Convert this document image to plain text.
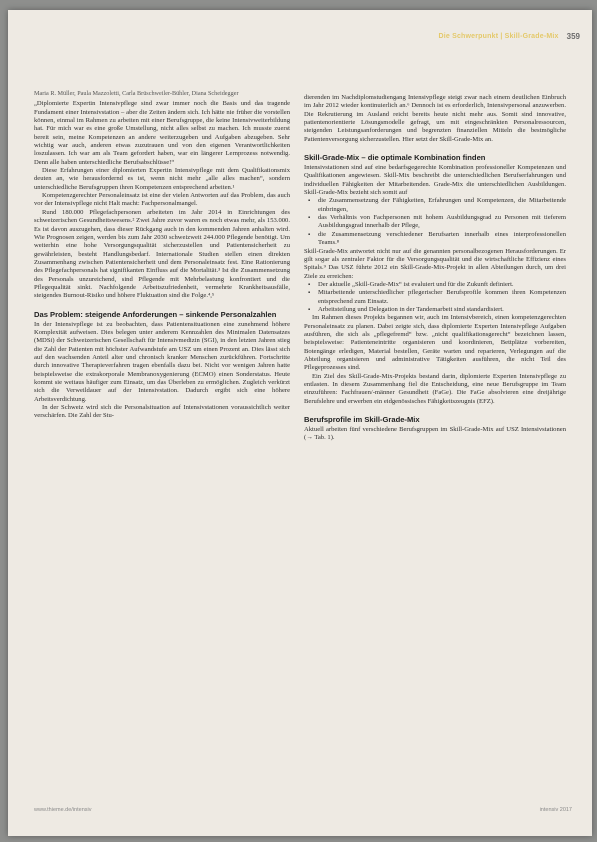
Die Schwerpunkt | Skill-Grade-Mix 359

Maria R. Müller, Paula Mazzoletti, Carla Brüschweiler-Bühler, Diana Scheidegger

„Diplomierte Expertin Intensivpflege sind zwar immer noch die Basis und das tragende Fundament einer Intensivstation – aber die Zeiten ändern sich. Ich hätte nie früher die vorstellen können, einmal im Rahmen zu arbeiten mit einer Berufsgruppe, die keine Intensivweiterbildung hat. Für mich war es eine große Umstellung, nicht alles selbst zu machen. Ich musste zuerst bereit sein, meine Kompetenzen an andere weiterzugeben und Aufgaben abzugeben. Sehr wichtig war auch, anderen etwas zuzutrauen und von den eigenen Verantwortlichkeiten loszulassen. Ich war am als Team gefordert haben, war ein längerer Lernprozess notwendig. Denn alle haben unterschiedliche Berufsabschlüsse!“

Diese Erfahrungen einer diplomierten Expertin Intensivpflege mit dem Qualifikationsmix deuten an, wie herausfordernd es ist, wenn nicht mehr „alle alles machen“, sondern unterschiedliche Berufsgruppen ihren Kompetenzen entsprechend arbeiten.¹

Kompetenzgerechter Personaleinsatz ist eine der vielen Antworten auf das Problem, das auch vor der Intensivpflege nicht Halt macht: Fachpersonalmangel.

Rund 180.000 Pflegefachpersonen arbeiteten im Jahr 2014 in Einrichtungen des schweizerischen Gesundheitswesens.² Zwei Jahre zuvor waren es noch etwas mehr, als 153.000. Es ist davon auszugehen, dass dieser Rückgang auch in den kommenden Jahren anhalten wird. Wie Prognosen zeigen, werden bis zum Jahr 2030 schweizweit 244.000 Pflegende benötigt. Um weiterhin eine hohe Versorgungsqualität sicherzustellen und Patientensicherheit zu gewährleisten, besteht Handlungsbedarf. Internationale Studien stellen einen direkten Zusammenhang zwischen Patientensicherheit und dem Personaleinsatz fest. Eine Rationierung des Pflegefachpersonals hat signifikanten Einfluss auf die Mortalität.³ Ist die Zusammensetzung des Personals unzureichend, sind Pflegende mit Mehrbelastung konfrontiert und die Pflegequalität sinkt. Nachfolgende Arbeitszufriedenheit, vermehrte Krankheitsausfälle, steigendes Burnout-Risiko und höhere Fluktuation sind die Folge.⁴,⁵

Das Problem: steigende Anforderungen – sinkende Personalzahlen

In der Intensivpflege ist zu beobachten, dass Patientensituationen eine zunehmend höhere Komplexität aufweisen. Dies belegen unter anderem Kennzahlen des Minimalen Datensatzes (MDSi) der Schweizerischen Gesellschaft für Intensivmedizin (SGI), in den letzten Jahren stieg die Zahl der Patienten mit höchster Aufwandstufe am USZ um einen Prozent an. Dies lässt sich auf den wachsenden Anteil alter und chronisch kranker Menschen zurückführen. Fortschritte durch innovative Therapieverfahren tragen ebenfalls dazu bei. Nicht vor wenigen Jahren hatte beispielsweise die extrakorporale Membranoxygenierung (ECMO) einen Sonderstatus. Heute kommt sie weitaus häufiger zum Einsatz, um das Überleben zu ermöglichen. Zugleich verkürzt sich die Verweildauer auf der Intensivstation. Dadurch ergibt sich eine höhere Arbeitsverdichtung.

In der Schweiz wird sich die Personalsituation auf Intensivstationen voraussichtlich weiter verschärfen. Die Zahl der Stu-

dierenden im Nachdiplomstudiengang Intensivpflege steigt zwar nach einem deutlichen Einbruch im Jahr 2012 wieder kontinuierlich an.⁶ Dennoch ist es erforderlich, Intensivpersonal anzuwerben. Die Rekrutierung im Ausland reicht bereits heute nicht mehr aus. Somit sind innovative, patientenorientierte Lösungsmodelle gefragt, um mit eingeschränkten Personalressourcen, steigenden Leistungsanforderungen und begrenzten finanziellen Mitteln die bestmögliche Patientenversorgung sicherzustellen. Hier setzt der Skill-Grade-Mix an.

Skill-Grade-Mix – die optimale Kombination finden

Intensivstationen sind auf eine bedarfsgegerechte Kombination professioneller Kompetenzen und Qualifikationen angewiesen. Skill-Mix beschreibt die unterschiedlichen Berufserfahrungen und individuellen Fähigkeiten der Mitarbeitenden. Grade-Mix die unterschiedlichen Ausbildungen. Skill-Grade-Mix bezieht sich somit auf

▪ die Zusammensetzung der Fähigkeiten, Erfahrungen und Kompetenzen, die Mitarbeitende einbringen,
▪ das Verhältnis von Fachpersonen mit hohem Ausbildungsgrad zu Personen mit tieferem Ausbildungsgrad innerhalb der Pflege,
▪ die Zusammensetzung verschiedener Berufsarten innerhalb eines interprofessionellen Teams.⁸

Skill-Grade-Mix antwortet nicht nur auf die genannten personalbezogenen Herausforderungen. Er gilt sogar als zentraler Faktor für die Versorgungsqualität und die wirtschaftliche Effizienz eines Spitals.⁹ Das USZ führte 2012 ein Skill-Grade-Mix-Projekt in allen Abteilungen durch, um drei Ziele zu erreichen:

▪ Der aktuelle „Skill-Grade-Mix“ ist evaluiert und für die Zukunft definiert.
▪ Mitarbeitende unterschiedlicher pflegerischer Berufsprofile kommen ihren Kompetenzen entsprechend zum Einsatz.
▪ Arbeitsteilung und Delegation in der Tandemarbeit sind standardisiert.

Im Rahmen dieses Projekts begannen wir, auch im Intensivbereich, einen kompetenzgerechten Personaleinsatz zu planen. Dabei zeigte sich, dass diplomierte Experten Intensivpflege Aufgaben ausführen, die sich als „pflegefremd“ bzw. „nicht qualifikationsgerecht“ bezeichnen lassen, beispielsweise: Patienteneintritte organisieren und koordinieren, Bettplätze vorbereiten, Botengänge erledigen, Material bestellen, Geräte warten und reparieren, Verlegungen auf die Abteilung organisieren und administrative Tätigkeiten ausführen, die nicht Teil des Pflegeprozesses sind.

Ein Ziel des Skill-Grade-Mix-Projekts bestand darin, diplomierte Experten Intensivpflege zu entlasten. In diesem Zusammenhang fiel die Entscheidung, eine neue Berufsgruppe im Team einzuführen: Fachfrauen/-männer Gesundheit (FaGe). Die FaGe absolvieren eine dreijährige Berufslehre und erwerben ein eidgenössisches Fähigkeitszeugnis (EFZ).

Berufsprofile im Skill-Grade-Mix

Aktuell arbeiten fünf verschiedene Berufsgruppen im Skill-Grade-Mix auf USZ Intensivstationen (→ Tab. 1).

www.thieme.de/intensiv	intensiv 2017
